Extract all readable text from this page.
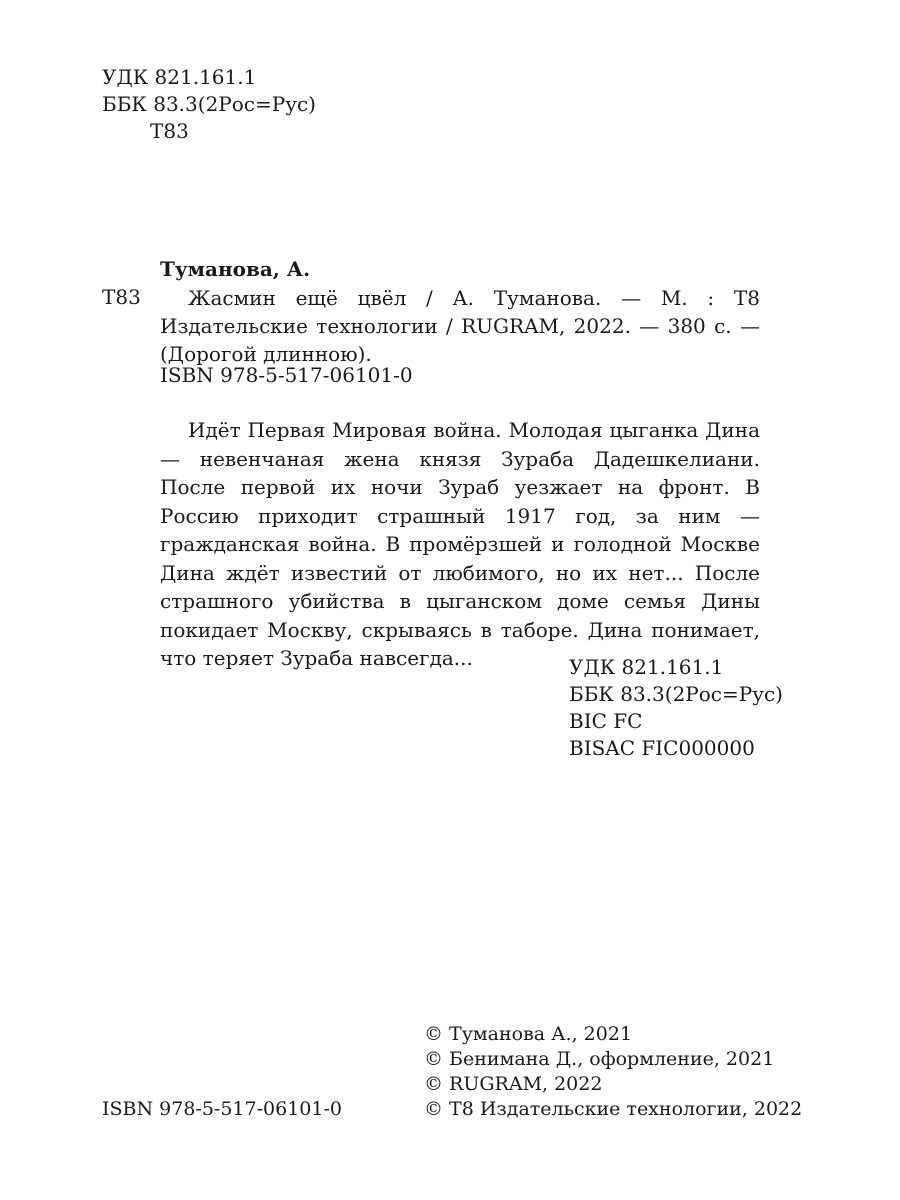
УДК 821.161.1
ББК 83.3(2Рос=Рус)
Т83
Туманова, А.
Т83	Жасмин ещё цвёл / А. Туманова. — М. : Т8 Издательские технологии / RUGRAM, 2022. — 380 с. — (Дорогой длинною).
ISBN 978-5-517-06101-0
Идёт Первая Мировая война. Молодая цыганка Дина — невенчаная жена князя Зураба Дадешкелиани. После первой их ночи Зураб уезжает на фронт. В Россию приходит страшный 1917 год, за ним — гражданская война. В промёрзшей и голодной Москве Дина ждёт известий от любимого, но их нет... После страшного убийства в цыганском доме семья Дины покидает Москву, скрываясь в таборе. Дина понимает, что теряет Зураба навсегда...	УДК 821.161.1
ББК 83.3(2Рос=Рус)
BIC FC
BISAC FIC000000
ISBN 978-5-517-06101-0
© Туманова А., 2021
© Бенимана Д., оформление, 2021
© RUGRAM, 2022
© Т8 Издательские технологии, 2022
